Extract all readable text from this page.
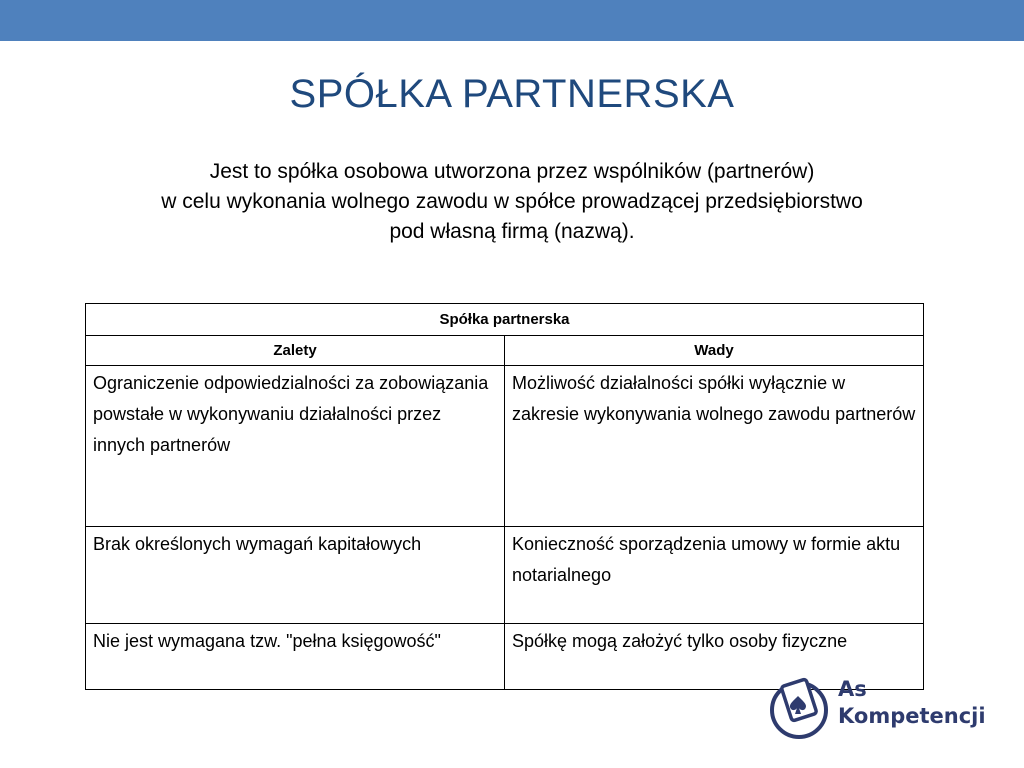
SPÓŁKA PARTNERSKA
Jest to spółka osobowa utworzona przez wspólników (partnerów)
w celu wykonania wolnego zawodu w spółce prowadzącej przedsiębiorstwo
pod własną firmą (nazwą).
Spółka partnerska	
Zalety	Wady
Ograniczenie odpowiedzialności za zobowiązania powstałe w wykonywaniu działalności przez innych partnerów	Możliwość działalności spółki wyłącznie w zakresie wykonywania wolnego zawodu partnerów
Brak określonych wymagań kapitałowych	Konieczność sporządzenia umowy w formie aktu notarialnego
Nie jest wymagana tzw. "pełna księgowość"	Spółkę mogą założyć tylko osoby fizyczne
As
Kompetencji
